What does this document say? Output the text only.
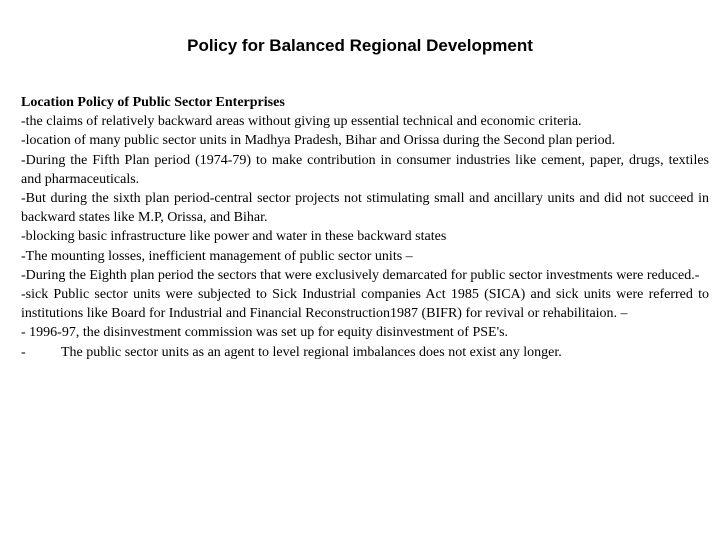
Policy for Balanced Regional Development
Location Policy of Public Sector Enterprises
-the claims of relatively backward areas without giving up essential technical and economic criteria.
-location of many public sector units in Madhya Pradesh, Bihar and Orissa during the Second plan period.
-During the Fifth Plan period (1974-79) to make contribution in consumer industries like cement, paper, drugs, textiles and pharmaceuticals.
-But during the sixth plan period-central sector projects not stimulating small and ancillary units and did not succeed in backward states like M.P, Orissa, and Bihar.
-blocking basic infrastructure like power and water in these backward states
-The mounting losses, inefficient management of public sector units –
-During the Eighth plan period the sectors that were exclusively demarcated for public sector investments were reduced.-
-sick Public sector units were subjected to Sick Industrial companies Act 1985 (SICA) and sick units were referred to institutions like Board for Industrial and Financial Reconstruction1987 (BIFR) for revival or rehabilitaion. –
- 1996-97, the disinvestment commission was set up for equity disinvestment of PSE's.
-	The public sector units as an agent to level regional imbalances does not exist any longer.
